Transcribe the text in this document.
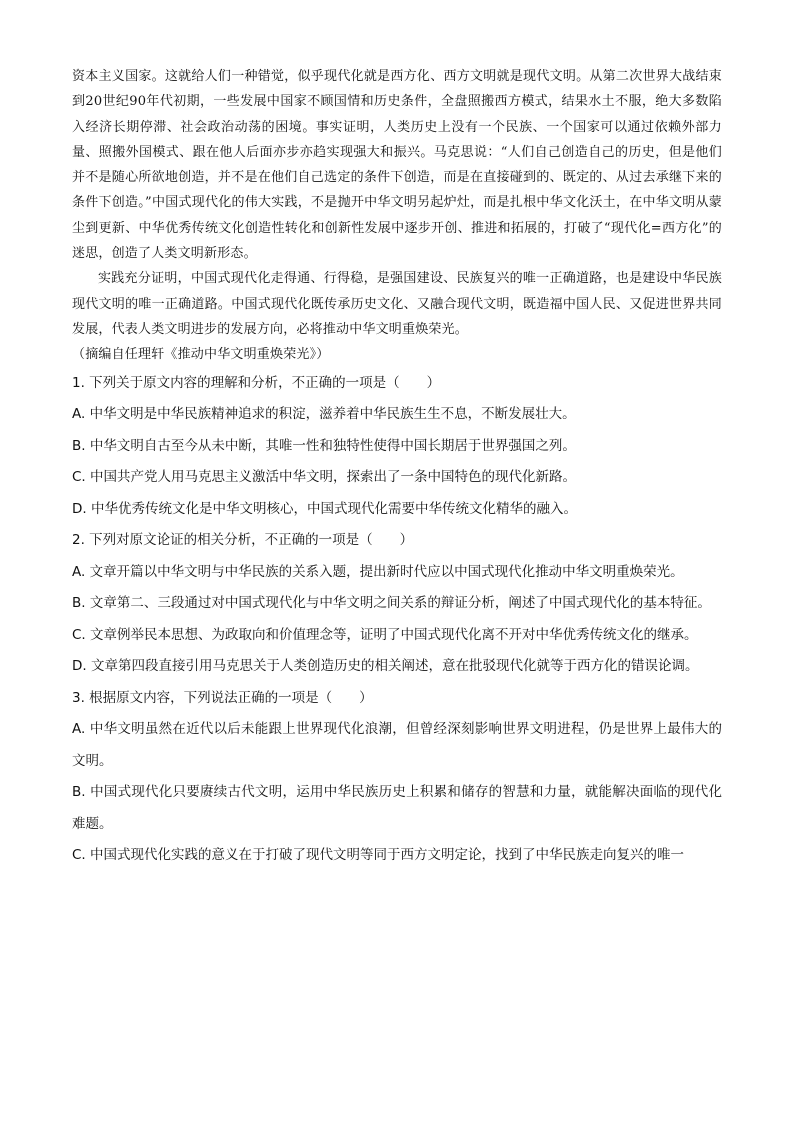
资本主义国家。这就给人们一种错觉，似乎现代化就是西方化、西方文明就是现代文明。从第二次世界大战结束到20世纪90年代初期，一些发展中国家不顾国情和历史条件，全盘照搬西方模式，结果水土不服，绝大多数陷入经济长期停滞、社会政治动荡的困境。事实证明，人类历史上没有一个民族、一个国家可以通过依赖外部力量、照搬外国模式、跟在他人后面亦步亦趋实现强大和振兴。马克思说：“人们自己创造自己的历史，但是他们并不是随心所欲地创造，并不是在他们自己选定的条件下创造，而是在直接碰到的、既定的、从过去承继下来的条件下创造。”中国式现代化的伟大实践，不是抛开中华文明另起炉灶，而是扎根中华文化沃土，在中华文明从蒙尘到更新、中华优秀传统文化创造性转化和创新性发展中逐步开创、推进和拓展的，打破了“现代化=西方化”的迷思，创造了人类文明新形态。

实践充分证明，中国式现代化走得通、行得稳，是强国建设、民族复兴的唯一正确道路，也是建设中华民族现代文明的唯一正确道路。中国式现代化既传承历史文化、又融合现代文明，既造福中国人民、又促进世界共同发展，代表人类文明进步的发展方向，必将推动中华文明重焕荣光。

（摘编自任理轩《推动中华文明重焕荣光》）

1. 下列关于原文内容的理解和分析，不正确的一项是（　　）

A. 中华文明是中华民族精神追求的积淀，滋养着中华民族生生不息，不断发展壮大。

B. 中华文明自古至今从未中断，其唯一性和独特性使得中国长期居于世界强国之列。

C. 中国共产党人用马克思主义激活中华文明，探索出了一条中国特色的现代化新路。

D. 中华优秀传统文化是中华文明核心，中国式现代化需要中华传统文化精华的融入。

2. 下列对原文论证的相关分析，不正确的一项是（　　）

A. 文章开篇以中华文明与中华民族的关系入题，提出新时代应以中国式现代化推动中华文明重焕荣光。

B. 文章第二、三段通过对中国式现代化与中华文明之间关系的辩证分析，阐述了中国式现代化的基本特征。

C. 文章例举民本思想、为政取向和价值理念等，证明了中国式现代化离不开对中华优秀传统文化的继承。

D. 文章第四段直接引用马克思关于人类创造历史的相关阐述，意在批驳现代化就等于西方化的错误论调。

3. 根据原文内容，下列说法正确的一项是（　　）

A. 中华文明虽然在近代以后未能跟上世界现代化浪潮，但曾经深刻影响世界文明进程，仍是世界上最伟大的文明。

B. 中国式现代化只要赓续古代文明，运用中华民族历史上积累和储存的智慧和力量，就能解决面临的现代化难题。

C. 中国式现代化实践的意义在于打破了现代文明等同于西方文明定论，找到了中华民族走向复兴的唯一
